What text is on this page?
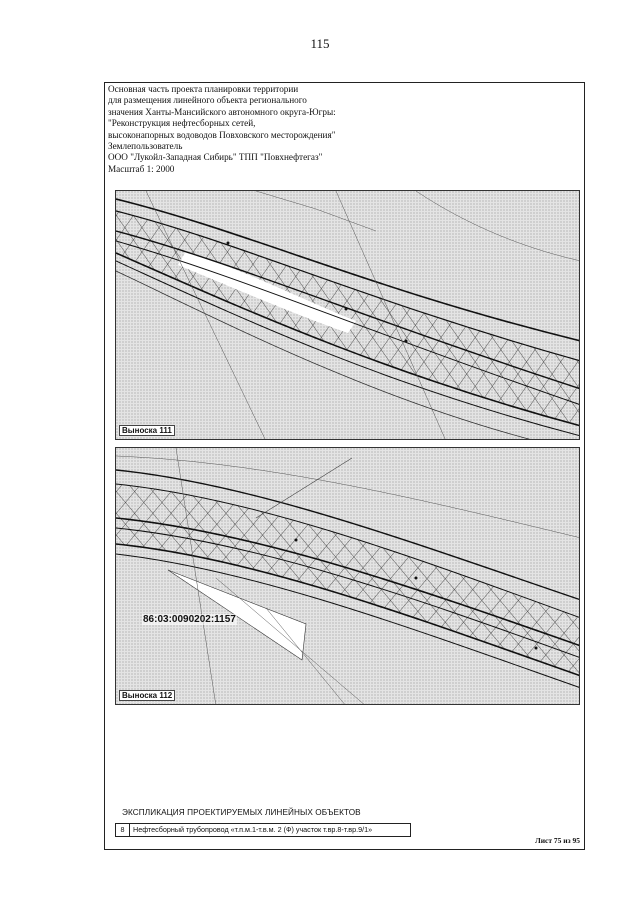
115
Основная часть проекта планировки территории
для размещения линейного объекта регионального
значения Ханты-Мансийского автономного округа-Югры:
"Реконструкция нефтесборных сетей,
высоконапорных водоводов Повховского месторождения"
Землепользователь
ООО "Лукойл-Западная Сибирь" ТПП "Повхнефтегаз"
Масштаб 1: 2000
Выноска 111
86:03:0090202:1157
Выноска 112
ЭКСПЛИКАЦИЯ ПРОЕКТИРУЕМЫХ ЛИНЕЙНЫХ ОБЪЕКТОВ
8	Нефтесборный трубопровод «т.п.м.1-т.в.м. 2 (Ф) участок т.вр.8-т.вр.9/1»
Лист 75 из 95
